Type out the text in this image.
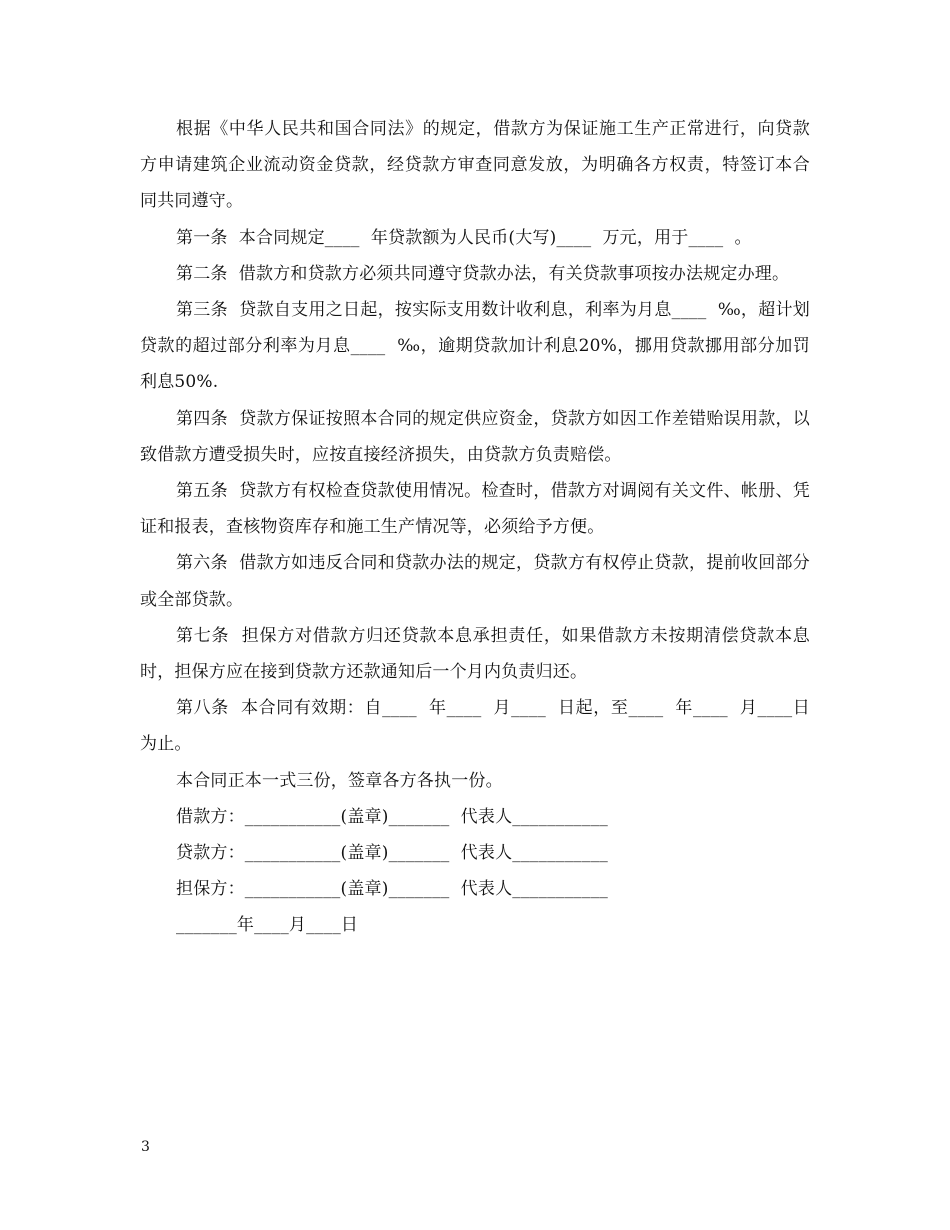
根据《中华人民共和国合同法》的规定，借款方为保证施工生产正常进行，向贷款方申请建筑企业流动资金贷款，经贷款方审查同意发放，为明确各方权责，特签订本合同共同遵守。

第一条  本合同规定____  年贷款额为人民币(大写)____  万元，用于____  。

第二条  借款方和贷款方必须共同遵守贷款办法，有关贷款事项按办法规定办理。

第三条  贷款自支用之日起，按实际支用数计收利息，利率为月息____  ‰，超计划贷款的超过部分利率为月息____  ‰，逾期贷款加计利息20%，挪用贷款挪用部分加罚利息50%.

第四条  贷款方保证按照本合同的规定供应资金，贷款方如因工作差错贻误用款，以致借款方遭受损失时，应按直接经济损失，由贷款方负责赔偿。

第五条  贷款方有权检查贷款使用情况。检查时，借款方对调阅有关文件、帐册、凭证和报表，查核物资库存和施工生产情况等，必须给予方便。

第六条  借款方如违反合同和贷款办法的规定，贷款方有权停止贷款，提前收回部分或全部贷款。

第七条  担保方对借款方归还贷款本息承担责任，如果借款方未按期清偿贷款本息时，担保方应在接到贷款方还款通知后一个月内负责归还。

第八条  本合同有效期：自____  年____  月____  日起，至____  年____  月____日为止。

本合同正本一式三份，签章各方各执一份。

借款方：___________(盖章)_______  代表人___________

贷款方：___________(盖章)_______  代表人___________

担保方：___________(盖章)_______  代表人___________

_______年____月____日

3
